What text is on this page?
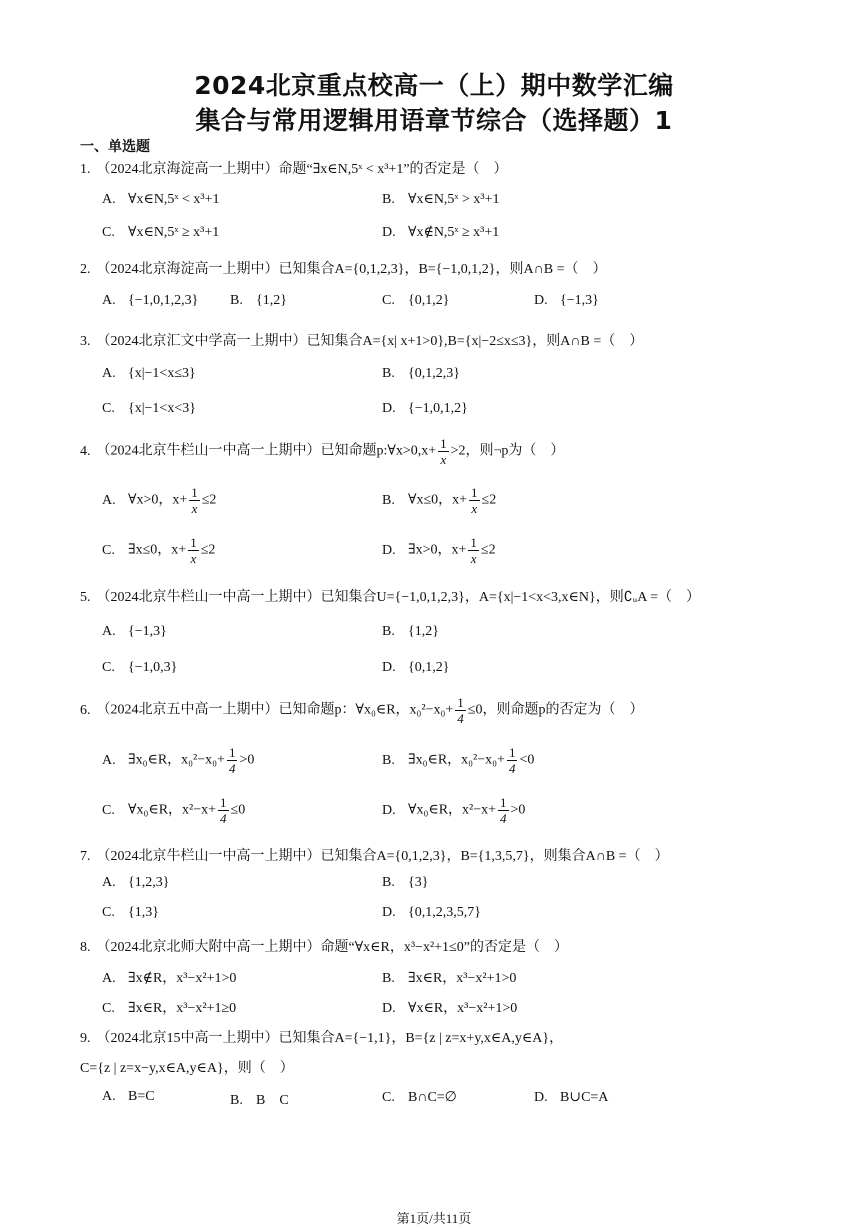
2024北京重点校高一（上）期中数学汇编
集合与常用逻辑用语章节综合（选择题）1
一、单选题
1. （2024北京海淀高一上期中）命题“∃x∈N,5ˣ < x³+1”的否定是（　）
A. ∀x∈N,5ˣ < x³+1	B. ∀x∈N,5ˣ > x³+1
C. ∀x∈N,5ˣ ≥ x³+1	D. ∀x∉N,5ˣ ≥ x³+1
2. （2024北京海淀高一上期中）已知集合A={0,1,2,3}，B={−1,0,1,2}，则A∩B =（　）
A. {−1,0,1,2,3} B. {1,2}	C. {0,1,2}	D. {−1,3}
3. （2024北京汇文中学高一上期中）已知集合A={x| x+1>0},B={x|−2≤x≤3}，则A∩B =（　）
A. {x|−1<x≤3}	B. {0,1,2,3}
C. {x|−1<x<3}	D. {−1,0,1,2}
4. （2024北京牛栏山一中高一上期中）已知命题p:∀x>0,x+ $\frac{1}{x} >2$，则¬p为（　）
A. ∀x>0，$x+ \frac{1}{x} \le 2$	B. ∀x≤0，$x+ \frac{1}{x} \le 2$
C. ∃x≤0，$x+ \frac{1}{x} \le 2$	D. ∃x>0，$x+ \frac{1}{x} \le 2$
5. （2024北京牛栏山一中高一上期中）已知集合U={−1,0,1,2,3}，A={x|−1<x<3,x∈N}，则∁ᵤA =（　）
A. {−1,3}	B. {1,2}
C. {−1,0,3}	D. {0,1,2}
6. （2024北京五中高一上期中）已知命题p：∀x₀∈R，$x_0^2-x_0+ \frac{1}{4} \le 0$，则命题p的否定为（　）
A. ∃x₀∈R，$x_0^2-x_0+ \frac{1}{4} >0$	B. ∃x₀∈R，$x_0^2-x_0+ \frac{1}{4} <0$
C. ∀x₀∈R，$x^2-x+ \frac{1}{4} \le 0$	D. ∀x₀∈R，$x^2-x+ \frac{1}{4} >0$
7. （2024北京牛栏山一中高一上期中）已知集合A={0,1,2,3}，B={1,3,5,7}，则集合A∩B =（　）
A. {1,2,3}	B. {3}
C. {1,3}	D. {0,1,2,3,5,7}
8. （2024北京北师大附中高一上期中）命题“∀x∈R，x³−x²+1≤0”的否定是（　）
A. ∃x∉R，x³−x²+1>0	B. ∃x∈R，x³−x²+1>0
C. ∃x∈R，x³−x²+1≥0	D. ∀x∈R，x³−x²+1>0
9. （2024北京15中高一上期中）已知集合A={−1,1}，B={z | z=x+y,x∈A,y∈A}，
C={z | z=x−y,x∈A,y∈A}，则（　）
A. B=C	B. B　C	C. B∩C=∅	D. B∪C=A
第1页/共11页
